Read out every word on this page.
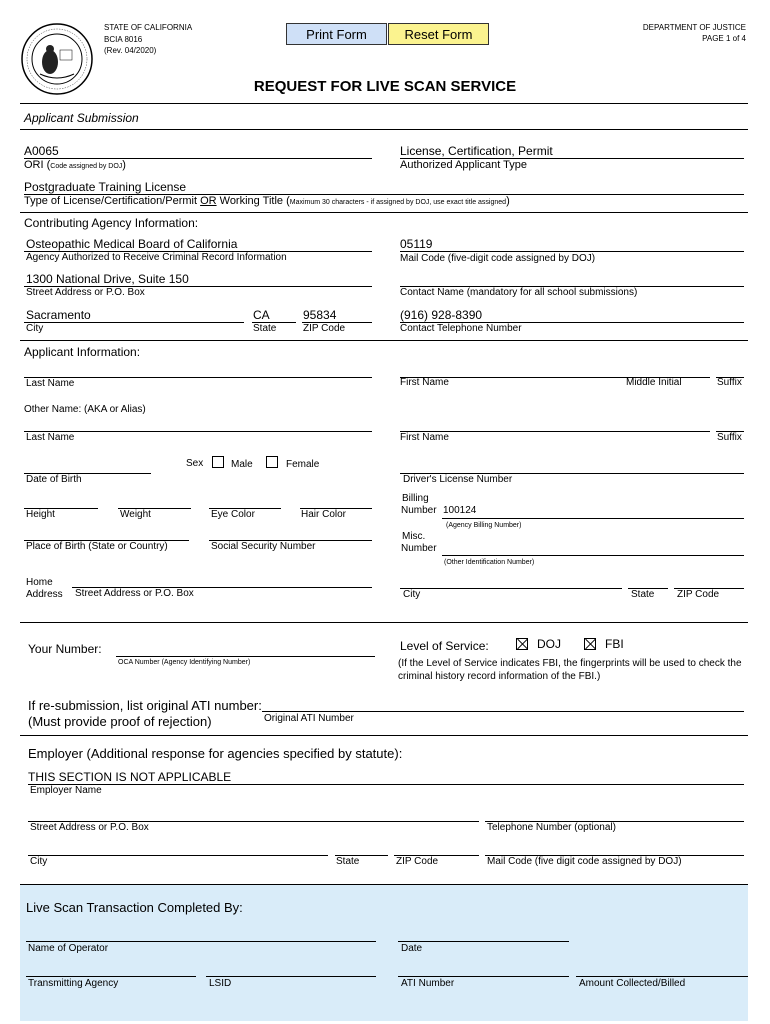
STATE OF CALIFORNIA
BCIA 8016
(Rev. 04/2020)
Print Form	Reset Form	DEPARTMENT OF JUSTICE
PAGE 1 of 4
REQUEST FOR LIVE SCAN SERVICE
Applicant Submission
A0065
ORI (Code assigned by DOJ)
License, Certification, Permit
Authorized Applicant Type
Postgraduate Training License
Type of License/Certification/Permit OR Working Title (Maximum 30 characters - if assigned by DOJ, use exact title assigned)
Contributing Agency Information:
Osteopathic Medical Board of California
Agency Authorized to Receive Criminal Record Information
05119
Mail Code (five-digit code assigned by DOJ)
1300 National Drive, Suite 150
Street Address or P.O. Box	Contact Name (mandatory for all school submissions)
Sacramento
City
CA
State
95834
ZIP Code
(916) 928-8390
Contact Telephone Number
Applicant Information:
Last Name	First Name	Middle Initial	Suffix
Other Name: (AKA or Alias)
Last Name	First Name	Suffix
Sex	Male	Female
Date of Birth	Driver's License Number
Billing
Number 100124
(Agency Billing Number)
Height	Weight	Eye Color	Hair Color
Misc.
Number
(Other Identification Number)
Place of Birth (State or Country)	Social Security Number
Home
Address Street Address or P.O. Box	City	State ZIP Code
Your Number:
OCA Number (Agency Identifying Number)
Level of Service:	DOJ	FBI
(If the Level of Service indicates FBI, the fingerprints will be used to check the
criminal history record information of the FBI.)
If re-submission, list original ATI number:
(Must provide proof of rejection)	Original ATI Number
Employer (Additional response for agencies specified by statute):
THIS SECTION IS NOT APPLICABLE
Employer Name
Street Address or P.O. Box	Telephone Number (optional)
City	State	ZIP Code	Mail Code (five digit code assigned by DOJ)
Live Scan Transaction Completed By:
Name of Operator	Date
Transmitting Agency	LSID	ATI Number	Amount Collected/Billed
